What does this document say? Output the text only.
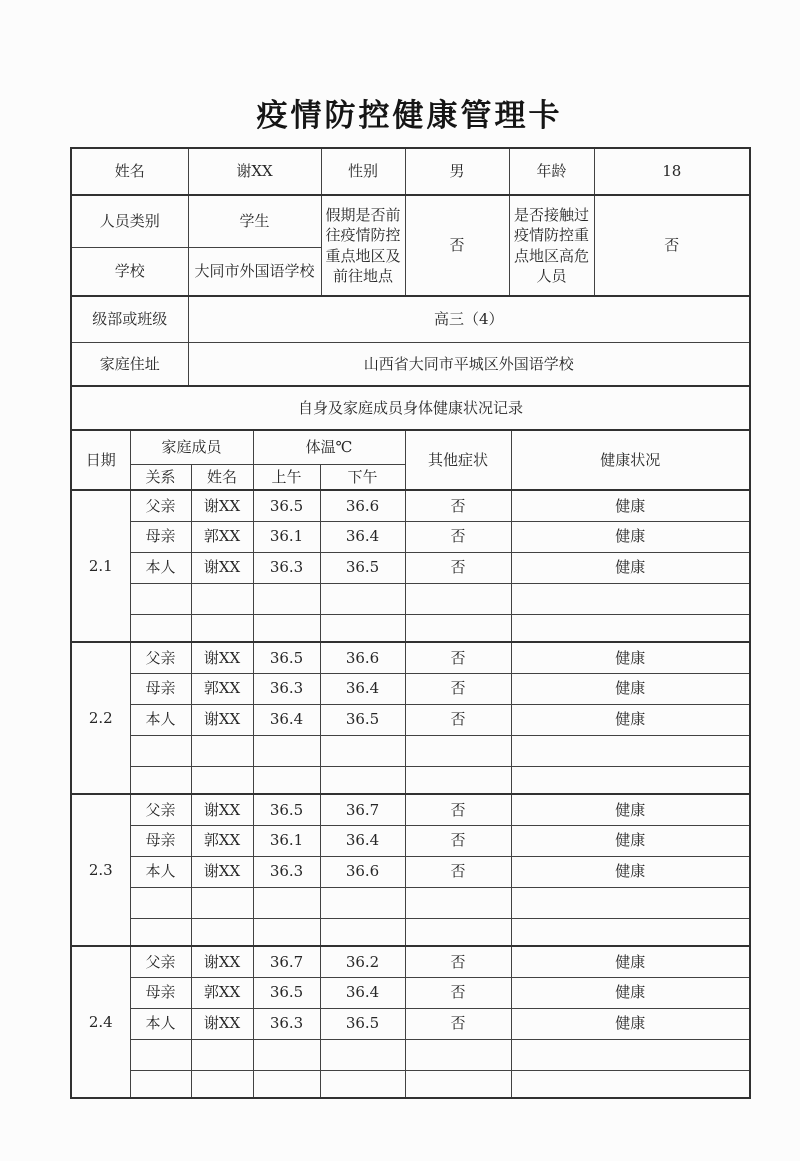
疫情防控健康管理卡
姓名	谢XX	性别	男	年龄	18
人员类别	学生	假期是否前往疫情防控重点地区及前往地点	否	是否接触过疫情防控重点地区高危人员	否
学校	大同市外国语学校				
级部或班级	高三（4）				
家庭住址	山西省大同市平城区外国语学校				
自身及家庭成员身体健康状况记录					
日期	家庭成员		体温℃		其他症状	健康状况
	关系	姓名	上午	下午		
2.1	父亲	谢XX	36.5	36.6	否	健康
	母亲	郭XX	36.1	36.4	否	健康
	本人	谢XX	36.3	36.5	否	健康

2.2	父亲	谢XX	36.5	36.6	否	健康
	母亲	郭XX	36.3	36.4	否	健康
	本人	谢XX	36.4	36.5	否	健康

2.3	父亲	谢XX	36.5	36.7	否	健康
	母亲	郭XX	36.1	36.4	否	健康
	本人	谢XX	36.3	36.6	否	健康

2.4	父亲	谢XX	36.7	36.2	否	健康
	母亲	郭XX	36.5	36.4	否	健康
	本人	谢XX	36.3	36.5	否	健康
